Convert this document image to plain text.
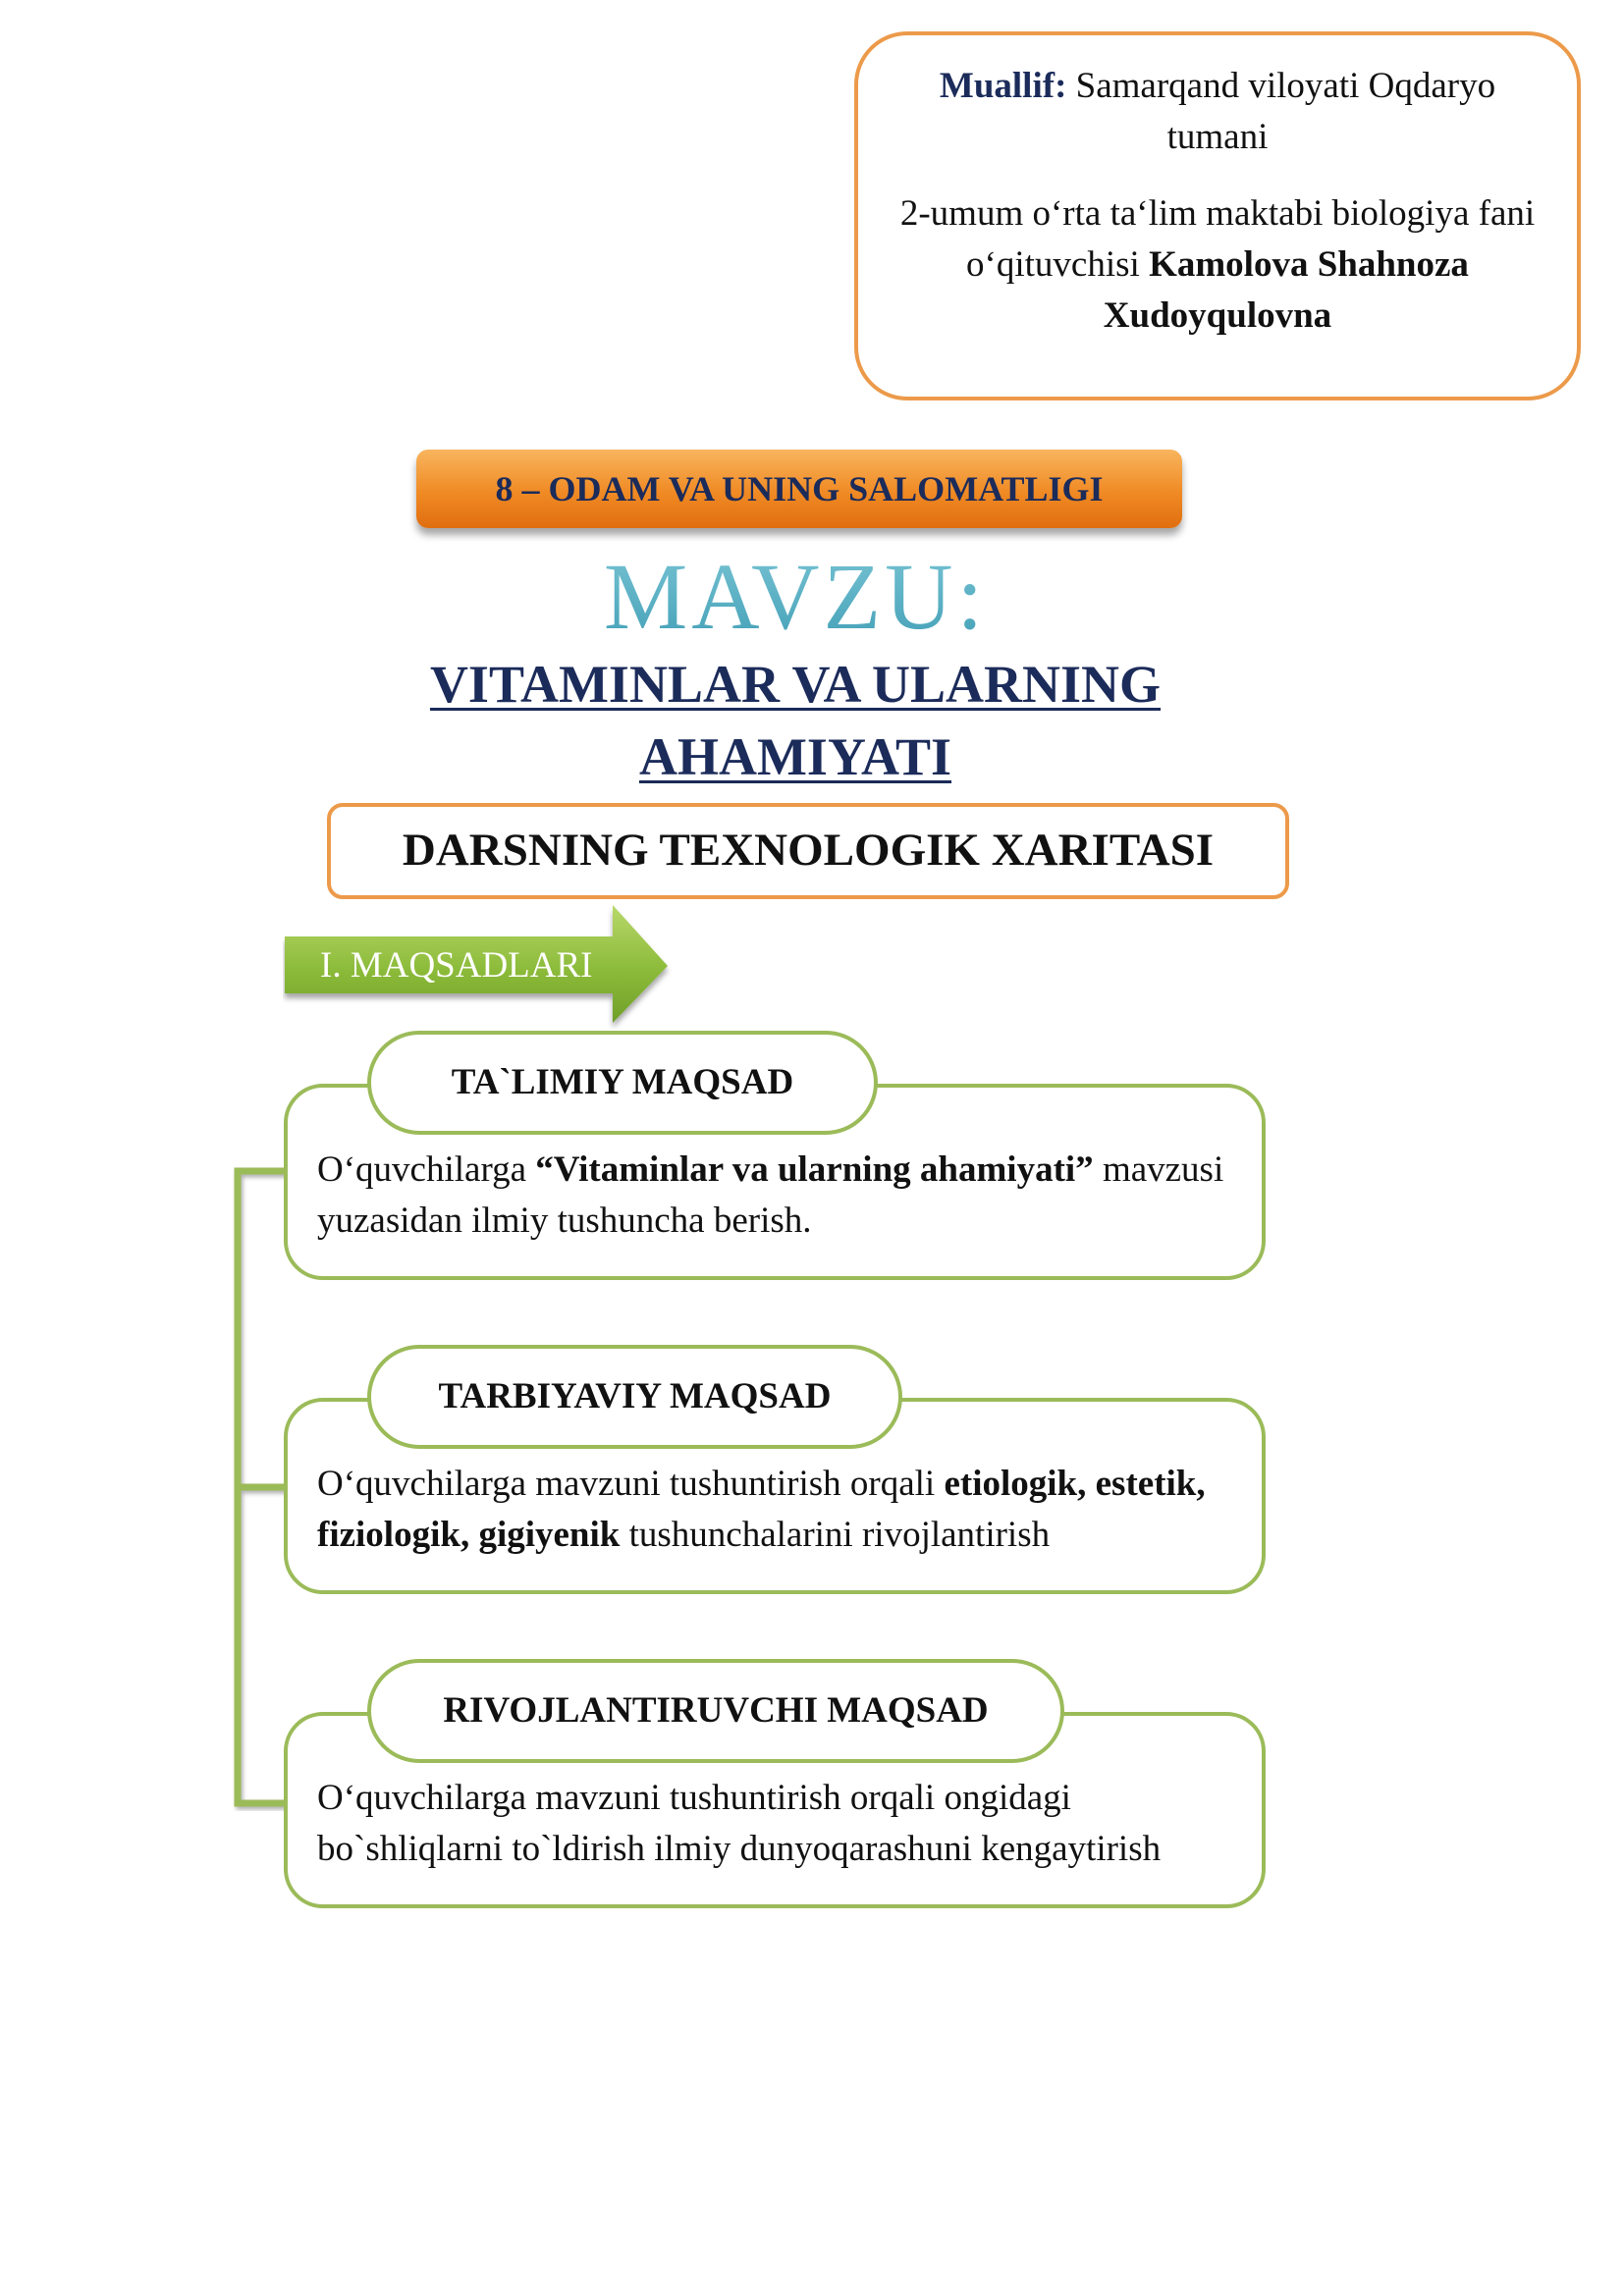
Muallif: Samarqand viloyati Oqdaryo tumani

2-umum o‘rta ta‘lim maktabi biologiya fani o‘qituvchisi Kamolova Shahnoza Xudoyqulovna

8 – ODAM VA UNING SALOMATLIGI
MAVZU:
VITAMINLAR VA ULARNING
AHAMIYATI
DARSNING TEXNOLOGIK XARITASI
I. MAQSADLARI

O‘quvchilarga “Vitaminlar va ularning ahamiyati” mavzusi yuzasidan ilmiy tushuncha berish.

TA`LIMIY MAQSAD

O‘quvchilarga mavzuni tushuntirish orqali etiologik, estetik, fiziologik, gigiyenik tushunchalarini rivojlantirish

TARBIYAVIY MAQSAD

O‘quvchilarga mavzuni tushuntirish orqali ongidagi bo`shliqlarni to`ldirish ilmiy dunyoqarashuni kengaytirish

RIVOJLANTIRUVCHI MAQSAD
